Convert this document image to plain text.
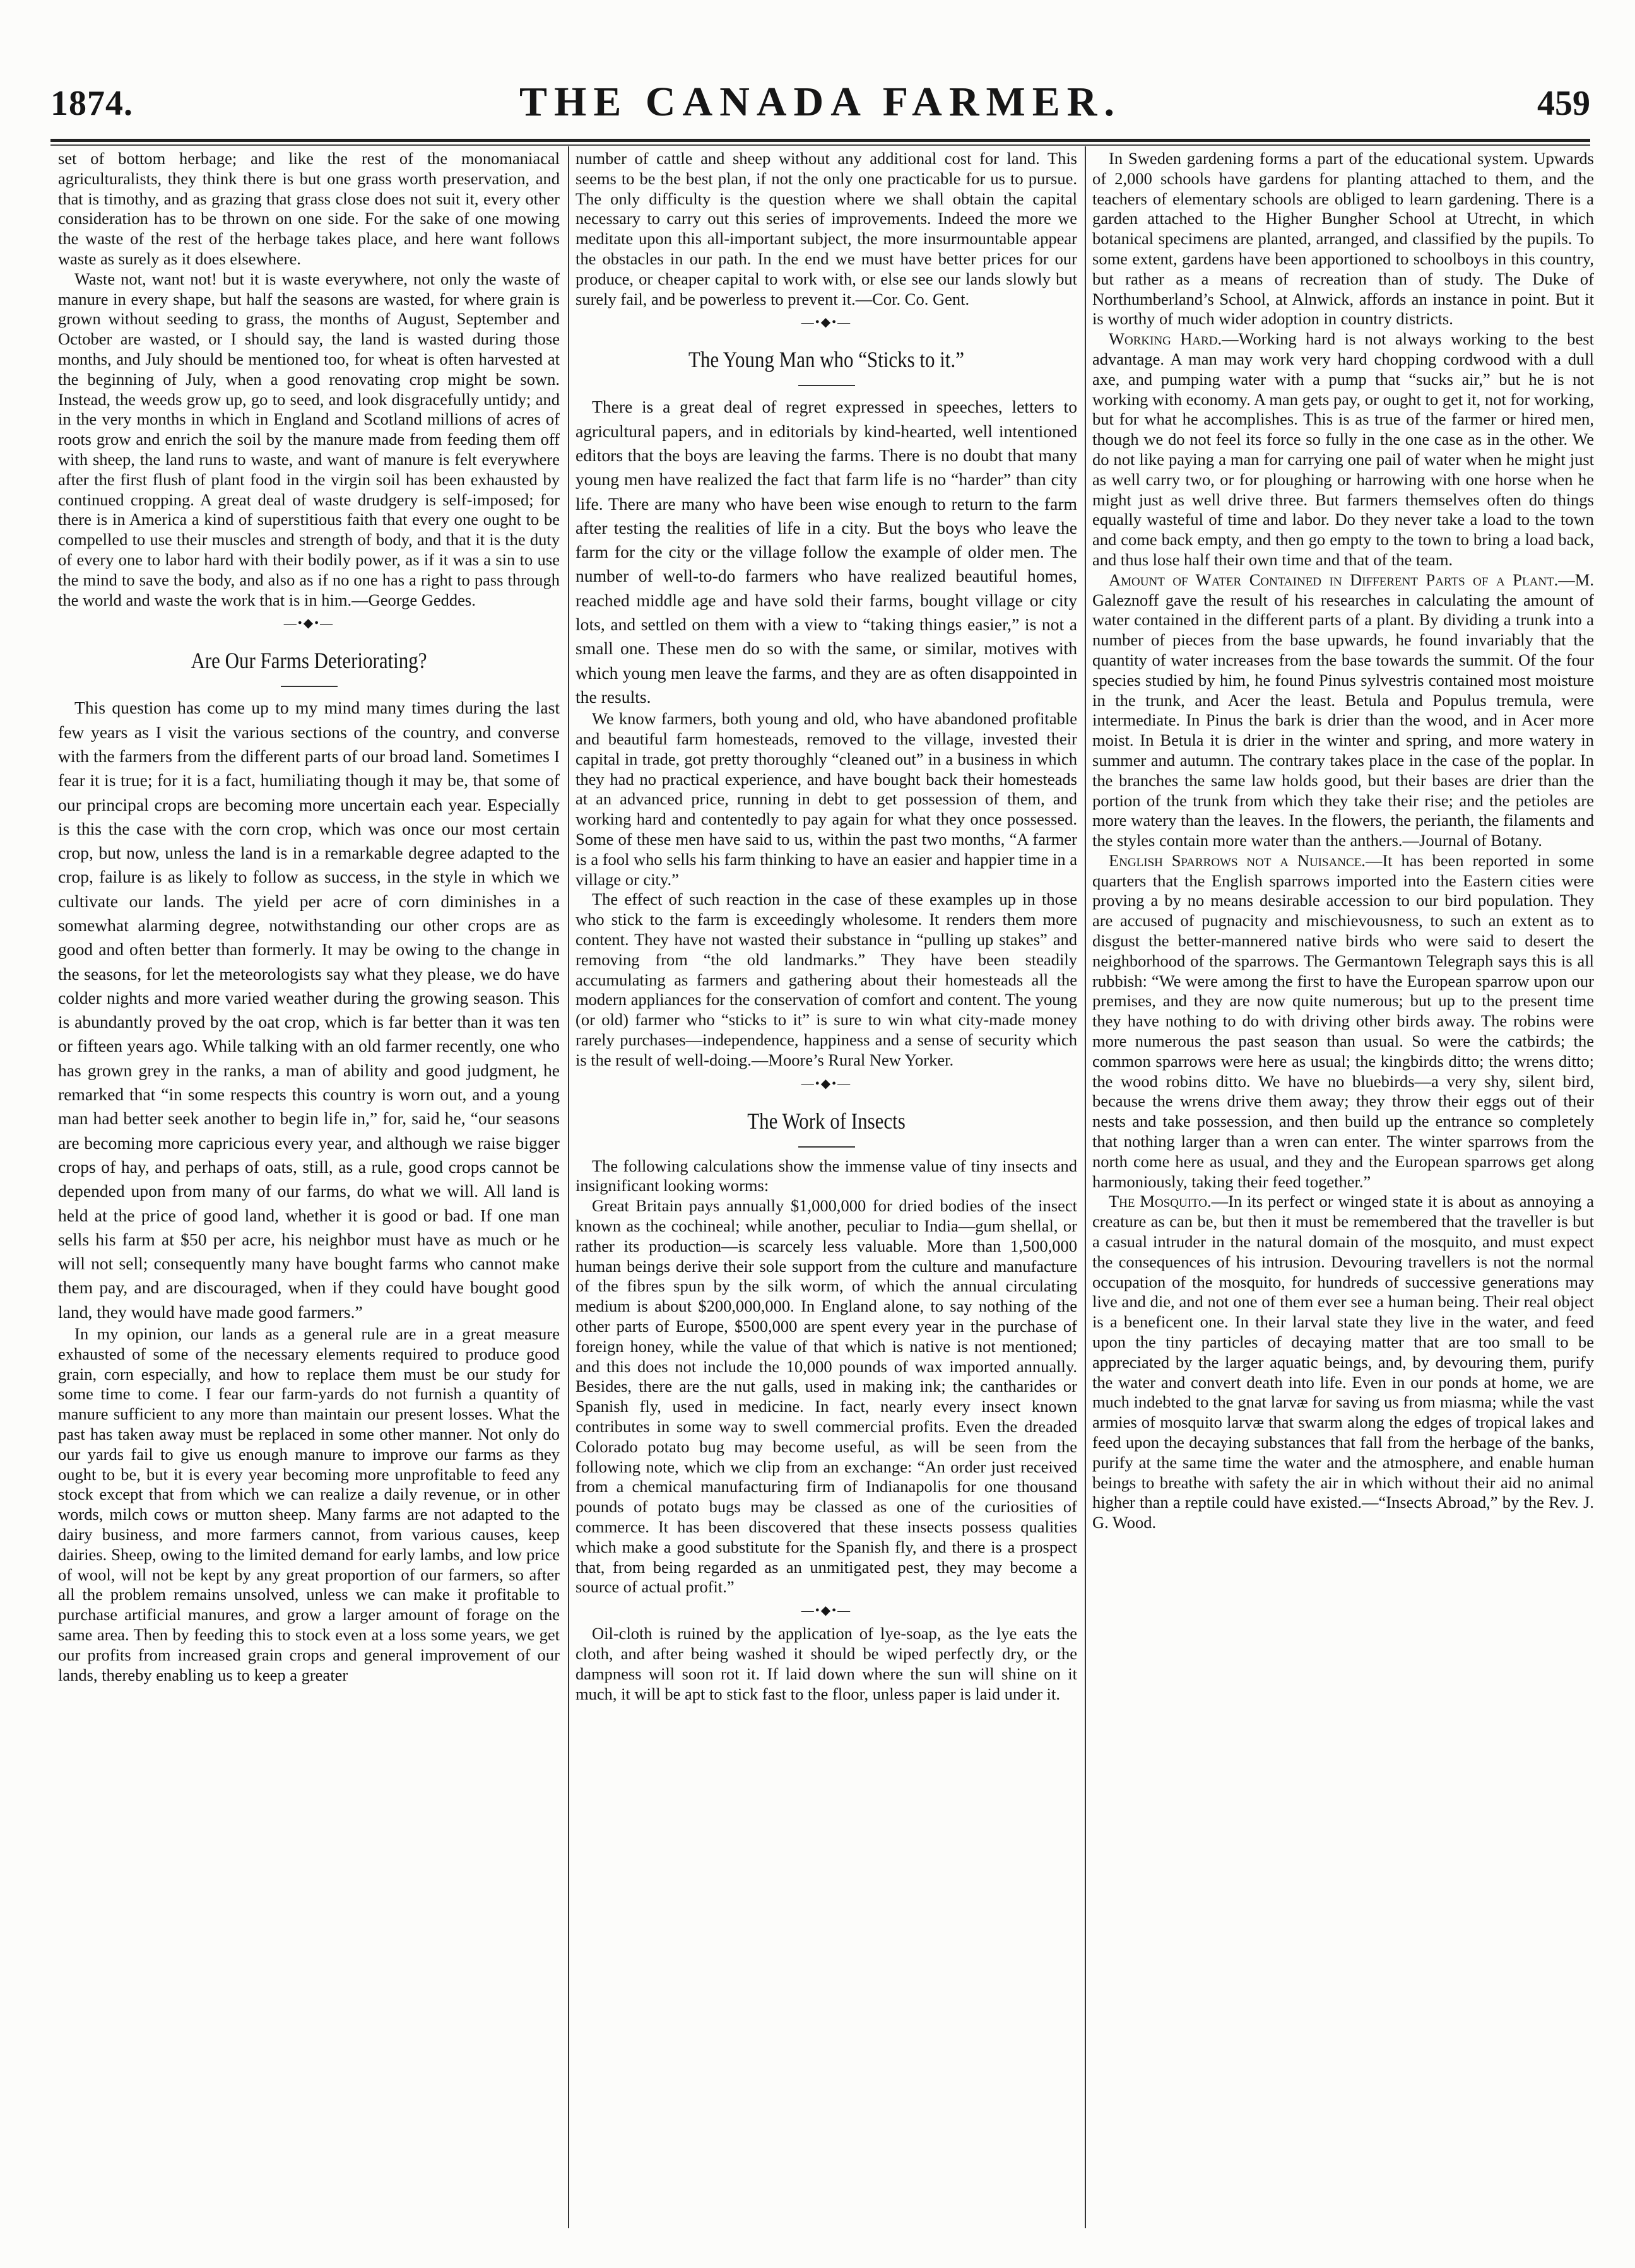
1874.	THE CANADA FARMER.	459

set of bottom herbage; and like the rest of the monomaniacal agriculturalists, they think there is but one grass worth preservation, and that is timothy, and as grazing that grass close does not suit it, every other consideration has to be thrown on one side. For the sake of one mowing the waste of the rest of the herbage takes place, and here want follows waste as surely as it does elsewhere.

Waste not, want not! but it is waste everywhere, not only the waste of manure in every shape, but half the seasons are wasted, for where grain is grown without seeding to grass, the months of August, September and October are wasted, or I should say, the land is wasted during those months, and July should be mentioned too, for wheat is often harvested at the beginning of July, when a good renovating crop might be sown. Instead, the weeds grow up, go to seed, and look disgracefully untidy; and in the very months in which in England and Scotland millions of acres of roots grow and enrich the soil by the manure made from feeding them off with sheep, the land runs to waste, and want of manure is felt everywhere after the first flush of plant food in the virgin soil has been exhausted by continued cropping. A great deal of waste drudgery is self-imposed; for there is in America a kind of superstitious faith that every one ought to be compelled to use their muscles and strength of body, and that it is the duty of every one to labor hard with their bodily power, as if it was a sin to use the mind to save the body, and also as if no one has a right to pass through the world and waste the work that is in him.—George Geddes.

—•◆•—
Are Our Farms Deteriorating?

This question has come up to my mind many times during the last few years as I visit the various sections of the country, and converse with the farmers from the different parts of our broad land. Sometimes I fear it is true; for it is a fact, humiliating though it may be, that some of our principal crops are becoming more uncertain each year. Especially is this the case with the corn crop, which was once our most certain crop, but now, unless the land is in a remarkable degree adapted to the crop, failure is as likely to follow as success, in the style in which we cultivate our lands. The yield per acre of corn diminishes in a somewhat alarming degree, notwithstanding our other crops are as good and often better than formerly. It may be owing to the change in the seasons, for let the meteorologists say what they please, we do have colder nights and more varied weather during the growing season. This is abundantly proved by the oat crop, which is far better than it was ten or fifteen years ago. While talking with an old farmer recently, one who has grown grey in the ranks, a man of ability and good judgment, he remarked that “in some respects this country is worn out, and a young man had better seek another to begin life in,” for, said he, “our seasons are becoming more capricious every year, and although we raise bigger crops of hay, and perhaps of oats, still, as a rule, good crops cannot be depended upon from many of our farms, do what we will. All land is held at the price of good land, whether it is good or bad. If one man sells his farm at $50 per acre, his neighbor must have as much or he will not sell; consequently many have bought farms who cannot make them pay, and are discouraged, when if they could have bought good land, they would have made good farmers.”

In my opinion, our lands as a general rule are in a great measure exhausted of some of the necessary elements required to produce good grain, corn especially, and how to replace them must be our study for some time to come. I fear our farm-yards do not furnish a quantity of manure sufficient to any more than maintain our present losses. What the past has taken away must be replaced in some other manner. Not only do our yards fail to give us enough manure to improve our farms as they ought to be, but it is every year becoming more unprofitable to feed any stock except that from which we can realize a daily revenue, or in other words, milch cows or mutton sheep. Many farms are not adapted to the dairy business, and more farmers cannot, from various causes, keep dairies. Sheep, owing to the limited demand for early lambs, and low price of wool, will not be kept by any great proportion of our farmers, so after all the problem remains unsolved, unless we can make it profitable to purchase artificial manures, and grow a larger amount of forage on the same area. Then by feeding this to stock even at a loss some years, we get our profits from increased grain crops and general improvement of our lands, thereby enabling us to keep a greater

number of cattle and sheep without any additional cost for land. This seems to be the best plan, if not the only one practicable for us to pursue. The only difficulty is the question where we shall obtain the capital necessary to carry out this series of improvements. Indeed the more we meditate upon this all-important subject, the more insurmountable appear the obstacles in our path. In the end we must have better prices for our produce, or cheaper capital to work with, or else see our lands slowly but surely fail, and be powerless to prevent it.—Cor. Co. Gent.

—•◆•—
The Young Man who “Sticks to it.”

There is a great deal of regret expressed in speeches, letters to agricultural papers, and in editorials by kind-hearted, well intentioned editors that the boys are leaving the farms. There is no doubt that many young men have realized the fact that farm life is no “harder” than city life. There are many who have been wise enough to return to the farm after testing the realities of life in a city. But the boys who leave the farm for the city or the village follow the example of older men. The number of well-to-do farmers who have realized beautiful homes, reached middle age and have sold their farms, bought village or city lots, and settled on them with a view to “taking things easier,” is not a small one. These men do so with the same, or similar, motives with which young men leave the farms, and they are as often disappointed in the results.

We know farmers, both young and old, who have abandoned profitable and beautiful farm homesteads, removed to the village, invested their capital in trade, got pretty thoroughly “cleaned out” in a business in which they had no practical experience, and have bought back their homesteads at an advanced price, running in debt to get possession of them, and working hard and contentedly to pay again for what they once possessed. Some of these men have said to us, within the past two months, “A farmer is a fool who sells his farm thinking to have an easier and happier time in a village or city.”

The effect of such reaction in the case of these examples up in those who stick to the farm is exceedingly wholesome. It renders them more content. They have not wasted their substance in “pulling up stakes” and removing from “the old landmarks.” They have been steadily accumulating as farmers and gathering about their homesteads all the modern appliances for the conservation of comfort and content. The young (or old) farmer who “sticks to it” is sure to win what city-made money rarely purchases—independence, happiness and a sense of security which is the result of well-doing.—Moore’s Rural New Yorker.

—•◆•—
The Work of Insects

The following calculations show the immense value of tiny insects and insignificant looking worms:

Great Britain pays annually $1,000,000 for dried bodies of the insect known as the cochineal; while another, peculiar to India—gum shellal, or rather its production—is scarcely less valuable. More than 1,500,000 human beings derive their sole support from the culture and manufacture of the fibres spun by the silk worm, of which the annual circulating medium is about $200,000,000. In England alone, to say nothing of the other parts of Europe, $500,000 are spent every year in the purchase of foreign honey, while the value of that which is native is not mentioned; and this does not include the 10,000 pounds of wax imported annually. Besides, there are the nut galls, used in making ink; the cantharides or Spanish fly, used in medicine. In fact, nearly every insect known contributes in some way to swell commercial profits. Even the dreaded Colorado potato bug may become useful, as will be seen from the following note, which we clip from an exchange: “An order just received from a chemical manufacturing firm of Indianapolis for one thousand pounds of potato bugs may be classed as one of the curiosities of commerce. It has been discovered that these insects possess qualities which make a good substitute for the Spanish fly, and there is a prospect that, from being regarded as an unmitigated pest, they may become a source of actual profit.”

—•◆•—

Oil-cloth is ruined by the application of lye-soap, as the lye eats the cloth, and after being washed it should be wiped perfectly dry, or the dampness will soon rot it. If laid down where the sun will shine on it much, it will be apt to stick fast to the floor, unless paper is laid under it.

In Sweden gardening forms a part of the educational system. Upwards of 2,000 schools have gardens for planting attached to them, and the teachers of elementary schools are obliged to learn gardening. There is a garden attached to the Higher Bungher School at Utrecht, in which botanical specimens are planted, arranged, and classified by the pupils. To some extent, gardens have been apportioned to schoolboys in this country, but rather as a means of recreation than of study. The Duke of Northumberland’s School, at Alnwick, affords an instance in point. But it is worthy of much wider adoption in country districts.

Working Hard.—Working hard is not always working to the best advantage. A man may work very hard chopping cordwood with a dull axe, and pumping water with a pump that “sucks air,” but he is not working with economy. A man gets pay, or ought to get it, not for working, but for what he accomplishes. This is as true of the farmer or hired men, though we do not feel its force so fully in the one case as in the other. We do not like paying a man for carrying one pail of water when he might just as well carry two, or for ploughing or harrowing with one horse when he might just as well drive three. But farmers themselves often do things equally wasteful of time and labor. Do they never take a load to the town and come back empty, and then go empty to the town to bring a load back, and thus lose half their own time and that of the team.

Amount of Water Contained in Different Parts of a Plant.—M. Galeznoff gave the result of his researches in calculating the amount of water contained in the different parts of a plant. By dividing a trunk into a number of pieces from the base upwards, he found invariably that the quantity of water increases from the base towards the summit. Of the four species studied by him, he found Pinus sylvestris contained most moisture in the trunk, and Acer the least. Betula and Populus tremula, were intermediate. In Pinus the bark is drier than the wood, and in Acer more moist. In Betula it is drier in the winter and spring, and more watery in summer and autumn. The contrary takes place in the case of the poplar. In the branches the same law holds good, but their bases are drier than the portion of the trunk from which they take their rise; and the petioles are more watery than the leaves. In the flowers, the perianth, the filaments and the styles contain more water than the anthers.—Journal of Botany.

English Sparrows not a Nuisance.—It has been reported in some quarters that the English sparrows imported into the Eastern cities were proving a by no means desirable accession to our bird population. They are accused of pugnacity and mischievousness, to such an extent as to disgust the better-mannered native birds who were said to desert the neighborhood of the sparrows. The Germantown Telegraph says this is all rubbish: “We were among the first to have the European sparrow upon our premises, and they are now quite numerous; but up to the present time they have nothing to do with driving other birds away. The robins were more numerous the past season than usual. So were the catbirds; the common sparrows were here as usual; the kingbirds ditto; the wrens ditto; the wood robins ditto. We have no bluebirds—a very shy, silent bird, because the wrens drive them away; they throw their eggs out of their nests and take possession, and then build up the entrance so completely that nothing larger than a wren can enter. The winter sparrows from the north come here as usual, and they and the European sparrows get along harmoniously, taking their feed together.”

The Mosquito.—In its perfect or winged state it is about as annoying a creature as can be, but then it must be remembered that the traveller is but a casual intruder in the natural domain of the mosquito, and must expect the consequences of his intrusion. Devouring travellers is not the normal occupation of the mosquito, for hundreds of successive generations may live and die, and not one of them ever see a human being. Their real object is a beneficent one. In their larval state they live in the water, and feed upon the tiny particles of decaying matter that are too small to be appreciated by the larger aquatic beings, and, by devouring them, purify the water and convert death into life. Even in our ponds at home, we are much indebted to the gnat larvæ for saving us from miasma; while the vast armies of mosquito larvæ that swarm along the edges of tropical lakes and feed upon the decaying substances that fall from the herbage of the banks, purify at the same time the water and the atmosphere, and enable human beings to breathe with safety the air in which without their aid no animal higher than a reptile could have existed.—“Insects Abroad,” by the Rev. J. G. Wood.
